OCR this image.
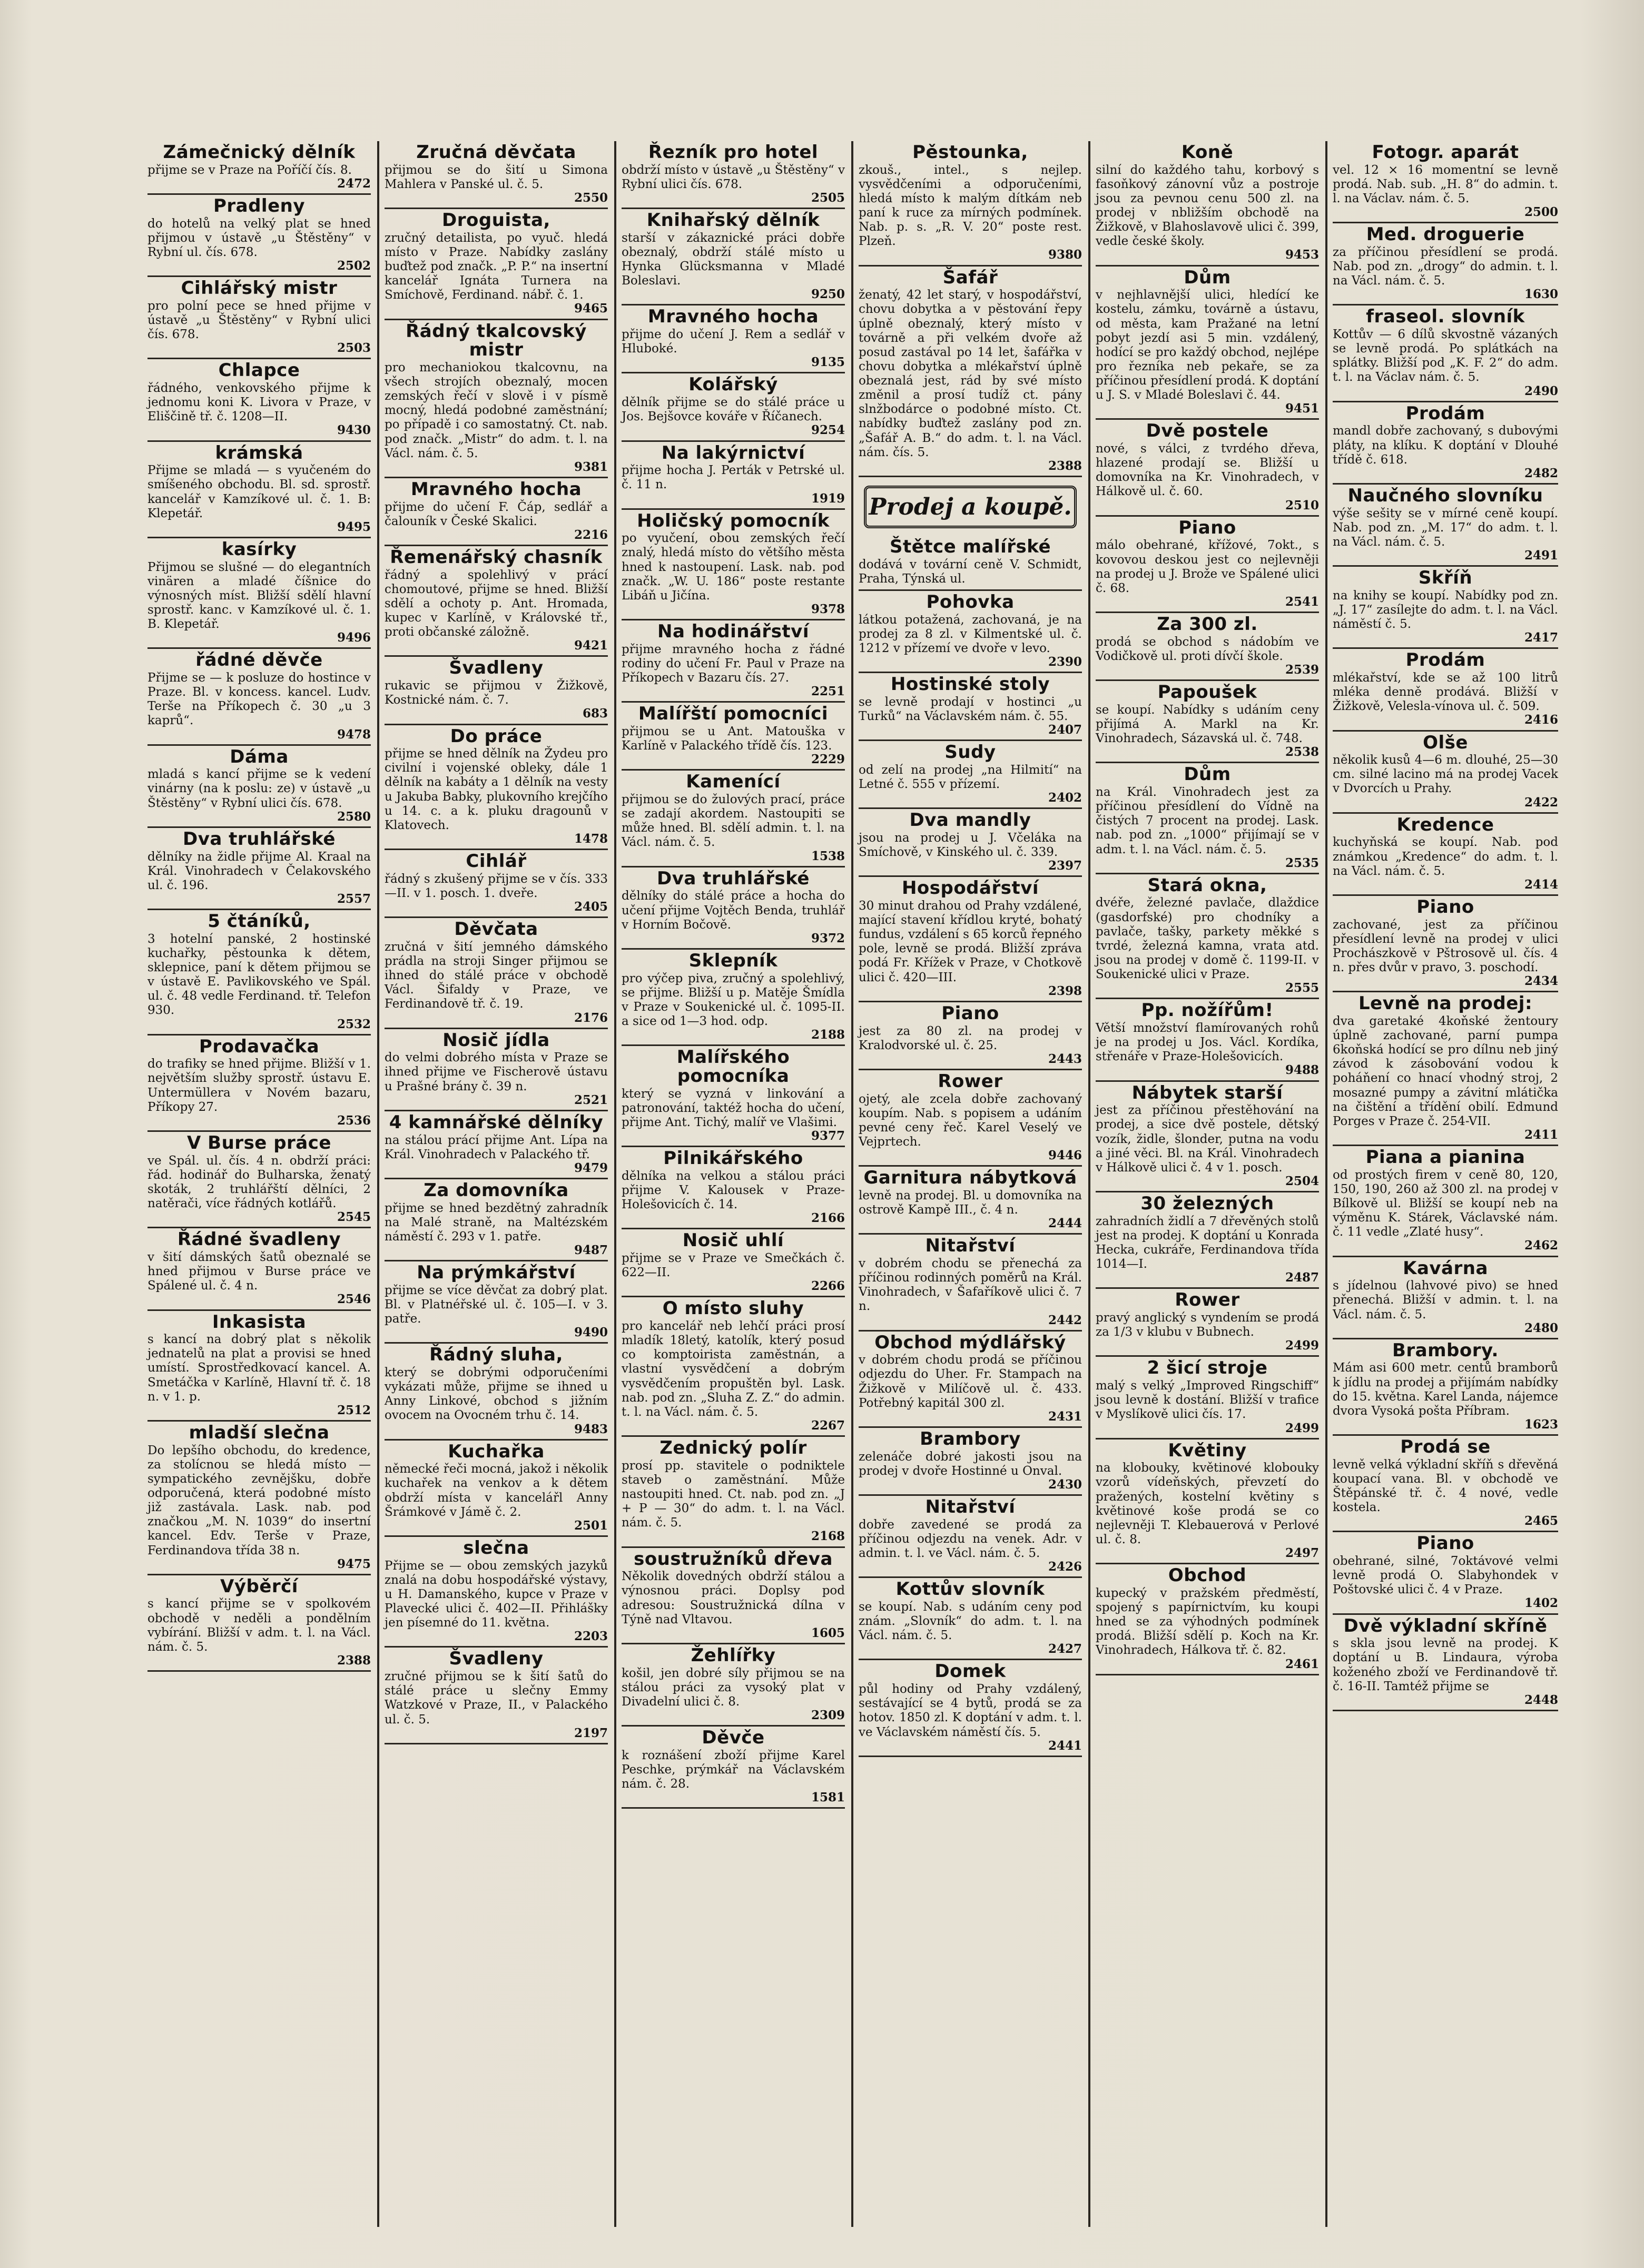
Zámečnický dělník

přijme se v Praze na Poříčí čís. 8.

2472
Pradleny

do hotelů na velký plat se hned přijmou v ústavě „u Štěstěny“ v Rybní ul. čís. 678.

2502
Cihlářský mistr

pro polní pece se hned přijme v ústavě „u Štěstěny“ v Rybní ulici čís. 678.

2503
Chlapce

řádného, venkovského přijme k jednomu koni K. Livora v Praze, v Eliščině tř. č. 1208—II.

9430
krámská

Přijme se mladá — s vyučeném do smíšeného obchodu. Bl. sd. sprostř. kancelář v Kamzíkové ul. č. 1. B: Klepetář.

9495
kasírky

Přijmou se slušné — do elegantních vinären a mladé číšnice do výnosných míst. Bližší sdělí hlavní sprostř. kanc. v Kamzíkové ul. č. 1. B. Klepetář.

9496
řádné děvče

Přijme se — k posluze do hostince v Praze. Bl. v koncess. kancel. Ludv. Terše na Příkopech č. 30 „u 3 kaprů“.

9478
Dáma

mladá s kancí přijme se k vedení vinárny (na k poslu: ze) v ústavě „u Štěstěny“ v Rybní ulici čís. 678.

2580
Dva truhlářské

dělníky na židle přijme Al. Kraal na Král. Vinohradech v Čelakovského ul. č. 196.

2557
5 čtáníků,

3 hotelní panské, 2 hostinské kuchařky, pěstounka k dětem, sklepnice, paní k dětem přijmou se v ústavě E. Pavlikovského ve Spál. ul. č. 48 vedle Ferdinand. tř. Telefon 930.

2532
Prodavačka

do trafiky se hned přijme. Bližší v 1. největším služby sprostř. ústavu E. Untermüllera v Novém bazaru, Příkopy 27.

2536
V Burse práce

ve Spál. ul. čís. 4 n. obdrží práci: řád. hodinář do Bulharska, ženatý skoták, 2 truhlářští dělníci, 2 natěrači, více řádných kotlářů.

2545
Řádné švadleny

v šití dámských šatů obeznalé se hned přijmou v Burse práce ve Spálené ul. č. 4 n.

2546
Inkasista

s kancí na dobrý plat s několik jednatelů na plat a provisi se hned umístí. Sprostředkovací kancel. A. Smetáčka v Karlíně, Hlavní tř. č. 18 n. v 1. p.

2512
mladší slečna

Do lepšího obchodu, do kredence, za stolícnou se hledá místo — sympatického zevnějšku, dobře odporučená, která podobné místo již zastávala. Lask. nab. pod značkou „M. N. 1039“ do insertní kancel. Edv. Terše v Praze, Ferdinandova třída 38 n.

9475
Výběrčí

s kancí přijme se v spolkovém obchodě v neděli a pondělním vybírání. Bližší v adm. t. l. na Václ. nám. č. 5.

2388
Zručná děvčata

přijmou se do šití u Simona Mahlera v Panské ul. č. 5.

2550
Droguista,

zručný detailista, po vyuč. hledá místo v Praze. Nabídky zaslány buďtež pod značk. „P. P.“ na insertní kancelář Ignáta Turnera na Smíchově, Ferdinand. nábř. č. 1.

9465
Řádný tkalcovský mistr

pro mechaniokou tkalcovnu, na všech strojích obeznalý, mocen zemských řečí v slově i v písmě mocný, hledá podobné zaměstnání; po případě i co samostatný. Ct. nab. pod značk. „Mistr“ do adm. t. l. na Václ. nám. č. 5.

9381
Mravného hocha

přijme do učení F. Čáp, sedlář a čalouník v České Skalici.

2216
Řemenářský chasník

řádný a spolehlivý v prácí chomoutové, přijme se hned. Bližší sdělí a ochoty p. Ant. Hromada, kupec v Karlíně, v Královské tř., proti občanské záložně.

9421
Švadleny

rukavic se přijmou v Žižkově, Kostnické nám. č. 7.

683
Do práce

přijme se hned dělník na Žydeu pro civilní i vojenské obleky, dále 1 dělník na kabáty a 1 dělník na vesty u Jakuba Babky, plukovního krejčího u 14. c. a k. pluku dragounů v Klatovech.

1478
Cihlář

řádný s zkušený přijme se v čís. 333—II. v 1. posch. 1. dveře.

2405
Děvčata

zručná v šití jemného dámského prádla na stroji Singer přijmou se ihned do stálé práce v obchodě Václ. Šifaldy v Praze, ve Ferdinandově tř. č. 19.

2176
Nosič jídla

do velmi dobrého místa v Praze se ihned přijme ve Fischerově ústavu u Prašné brány č. 39 n.

2521
4 kamnářské dělníky

na stálou prácí přijme Ant. Lípa na Král. Vinohradech v Palackého tř.

9479
Za domovníka

přijme se hned bezdětný zahradník na Malé straně, na Maltézském náměstí č. 293 v 1. patře.

9487
Na prýmkářství

přijme se více děvčat za dobrý plat. Bl. v Platnéřské ul. č. 105—I. v 3. patře.

9490
Řádný sluha,

který se dobrými odporučeními vykázati může, přijme se ihned u Anny Linkové, obchod s jižním ovocem na Ovocném trhu č. 14.

9483
Kuchařka

německé řeči mocná, jakož i několik kuchařek na venkov a k dětem obdrží místa v kancelářl Anny Šrámkové v Jámě č. 2.

2501
slečna

Přijme se — obou zemských jazyků znalá na dobu hospodářské výstavy, u H. Damanského, kupce v Praze v Plavecké ulici č. 402—II. Přihlášky jen písemné do 11. května.

2203
Švadleny

zručné přijmou se k šití šatů do stálé práce u slečny Emmy Watzkové v Praze, II., v Palackého ul. č. 5.

2197
Řezník pro hotel

obdrží místo v ústavě „u Štěstěny“ v Rybní ulici čís. 678.

2505
Knihařský dělník

starší v zákaznické práci dobře obeznalý, obdrží stálé místo u Hynka Glücksmanna v Mladé Boleslavi.

9250
Mravného hocha

přijme do učení J. Rem a sedlář v Hluboké.

9135
Kolářský

dělník přijme se do stálé práce u Jos. Bejšovce kováře v Říčanech.

9254
Na lakýrnictví

přijme hocha J. Perták v Petrské ul. č. 11 n.

1919
Holičský pomocník

po vyučení, obou zemských řečí znalý, hledá místo do většího města hned k nastoupení. Lask. nab. pod značk. „W. U. 186“ poste restante Libáň u Jičína.

9378
Na hodinářství

přijme mravného hocha z řádné rodiny do učení Fr. Paul v Praze na Příkopech v Bazaru čís. 27.

2251
Malířští pomocníci

přijmou se u Ant. Matouška v Karlíně v Palackého třídě čís. 123.

2229
Kamenící

přijmou se do žulových prací, práce se zadají akordem. Nastoupiti se může hned. Bl. sdělí admin. t. l. na Václ. nám. č. 5.

1538
Dva truhlářské

dělníky do stálé práce a hocha do učení přijme Vojtěch Benda, truhlář v Horním Bočově.

9372
Sklepník

pro výčep piva, zručný a spolehlivý, se přijme. Bližší u p. Matěje Šmídla v Praze v Soukenické ul. č. 1095-II. a sice od 1—3 hod. odp.

2188
Malířského pomocníka

který se vyzná v linkování a patronování, taktéž hocha do učení, přijme Ant. Tichý, malíř ve Vlašimi.

9377
Pilnikářského

dělníka na velkou a stálou práci přijme V. Kalousek v Praze-Holešovicích č. 14.

2166
Nosič uhlí

přijme se v Praze ve Smečkách č. 622—II.

2266
O místo sluhy

pro kancelář neb lehčí práci prosí mladík 18letý, katolík, který posud co komptoirista zaměstnán, a vlastní vysvědčení a dobrým vysvědčením propuštěn byl. Lask. nab. pod zn. „Sluha Z. Z.“ do admin. t. l. na Václ. nám. č. 5.

2267
Zednický polír

prosí pp. stavitele o podniktele staveb o zaměstnání. Může nastoupiti hned. Ct. nab. pod zn. „J + P — 30“ do adm. t. l. na Václ. nám. č. 5.

2168
soustružníků dřeva

Několik dovedných obdrží stálou a výnosnou práci. Doplsy pod adresou: Soustružnická dílna v Týně nad Vltavou.

1605
Žehlířky

košil, jen dobré síly přijmou se na stálou práci za vysoký plat v Divadelní ulici č. 8.

2309
Děvče

k roznášení zboží přijme Karel Peschke, prýmkář na Václavském nám. č. 28.

1581
Pěstounka,

zkouš., intel., s nejlep. vysvědčeními a odporučeními, hledá místo k malým dítkám neb paní k ruce za mírných podmínek. Nab. p. s. „R. V. 20“ poste rest. Plzeň.

9380
Šafář

ženatý, 42 let starý, v hospodářství, chovu dobytka a v pěstování řepy úplně obeznalý, který místo v továrně a při velkém dvoře až posud zastával po 14 let, šafářka v chovu dobytka a mlékařství úplně obeznalá jest, rád by své místo změnil a prosí tudíž ct. pány slnžbodárce o podobné místo. Ct. nabídky buďtež zaslány pod zn. „Šafář A. B.“ do adm. t. l. na Václ. nám. čís. 5.

2388
Prodej a koupě.
Štětce malířské

dodává v tovární ceně V. Schmidt, Praha, Týnská ul.

Pohovka

látkou potažená, zachovaná, je na prodej za 8 zl. v Kilmentské ul. č. 1212 v přízemí ve dvoře v levo.

2390
Hostinské stoly

se levně prodají v hostinci „u Turků“ na Václavském nám. č. 55.

2407
Sudy

od zelí na prodej „na Hilmití“ na Letné č. 555 v přízemí.

2402
Dva mandly

jsou na prodej u J. Včeláka na Smíchově, v Kinského ul. č. 339.

2397
Hospodářství

30 minut drahou od Prahy vzdálené, mající stavení křídlou kryté, bohatý fundus, vzdálení s 65 korců řepného pole, levně se prodá. Bližší zpráva podá Fr. Křížek v Praze, v Chotkově ulici č. 420—III.

2398
Piano

jest za 80 zl. na prodej v Kralodvorské ul. č. 25.

2443
Rower

ojetý, ale zcela dobře zachovaný koupím. Nab. s popisem a udáním pevné ceny řeč. Karel Veselý ve Vejprtech.

9446
Garnitura nábytková

levně na prodej. Bl. u domovníka na ostrově Kampě III., č. 4 n.

2444
Nitařství

v dobrém chodu se přenechá za příčinou rodinných poměrů na Král. Vinohradech, v Šafaříkově ulici č. 7 n.

2442
Obchod mýdlářský

v dobrém chodu prodá se příčinou odjezdu do Uher. Fr. Stampach na Žižkově v Milíčově ul. č. 433. Potřebný kapitál 300 zl.

2431
Brambory

zelenáče dobré jakosti jsou na prodej v dvoře Hostinné u Onval.

2430
Nitařství

dobře zavedené se prodá za příčinou odjezdu na venek. Adr. v admin. t. l. ve Václ. nám. č. 5.

2426
Kottův slovník

se koupí. Nab. s udáním ceny pod znám. „Slovník“ do adm. t. l. na Václ. nám. č. 5.

2427
Domek

půl hodiny od Prahy vzdálený, sestávající se 4 bytů, prodá se za hotov. 1850 zl. K doptání v adm. t. l. ve Václavském náměstí čís. 5.

2441
Koně

silní do každého tahu, korbový s fasoňkový zánovní vůz a postroje jsou za pevnou cenu 500 zl. na prodej v nbližším obchodě na Žižkově, v Blahoslavově ulici č. 399, vedle české školy.

9453
Dům

v nejhlavnější ulici, hledící ke kostelu, zámku, továrně a ústavu, od města, kam Pražané na letní pobyt jezdí asi 5 min. vzdálený, hodící se pro každý obchod, nejlépe pro řezníka neb pekaře, se za příčinou přesídlení prodá. K doptání u J. S. v Mladé Boleslavi č. 44.

9451
Dvě postele

nové, s válci, z tvrdého dřeva, hlazené prodají se. Bližší u domovníka na Kr. Vinohradech, v Hálkově ul. č. 60.

2510
Piano

málo obehrané, křížové, 7okt., s kovovou deskou jest co nejlevněji na prodej u J. Brože ve Spálené ulici č. 68.

2541
Za 300 zl.

prodá se obchod s nádobím ve Vodičkově ul. proti dívčí škole.

2539
Papoušek

se koupí. Nabídky s udáním ceny přijímá A. Markl na Kr. Vinohradech, Sázavská ul. č. 748.

2538
Dům

na Král. Vinohradech jest za příčinou přesídlení do Vídně na čistých 7 procent na prodej. Lask. nab. pod zn. „1000“ přijímají se v adm. t. l. na Václ. nám. č. 5.

2535
Stará okna,

dvéře, železné pavlače, dlaždice (gasdorfské) pro chodníky a pavlače, tašky, parkety měkké s tvrdé, železná kamna, vrata atd. jsou na prodej v domě č. 1199-II. v Soukenické ulici v Praze.

2555
Pp. nožířům!

Větší množství flamírovaných rohů je na prodej u Jos. Václ. Kordíka, střenáře v Praze-Holešovicích.

9488
Nábytek starší

jest za příčinou přestěhování na prodej, a sice dvě postele, dětský vozík, židle, šlonder, putna na vodu a jiné věci. Bl. na Král. Vinohradech v Hálkově ulici č. 4 v 1. posch.

2504
30 železných

zahradních židlí a 7 dřevěných stolů jest na prodej. K doptání u Konrada Hecka, cukráře, Ferdinandova třída 1014—I.

2487
Rower

pravý anglický s vyndením se prodá za 1/3 v klubu v Bubnech.

2499
2 šicí stroje

malý s velký „Improved Ringschiff“ jsou levně k dostání. Bližší v trafice v Myslíkově ulici čís. 17.

2499
Květiny

na klobouky, květinové klobouky vzorů vídeňských, převzetí do pražených, kostelní květiny s květinové koše prodá se co nejlevněji T. Klebauerová v Perlové ul. č. 8.

2497
Obchod

kupecký v pražském předměstí, spojený s papírnictvím, ku koupi hned se za výhodných podmínek prodá. Bližší sdělí p. Koch na Kr. Vinohradech, Hálkova tř. č. 82.

2461
Fotogr. aparát

vel. 12 × 16 momentní se levně prodá. Nab. sub. „H. 8“ do admin. t. l. na Václav. nám. č. 5.

2500
Med. droguerie

za příčinou přesídlení se prodá. Nab. pod zn. „drogy“ do admin. t. l. na Václ. nám. č. 5.

1630
fraseol. slovník

Kottův — 6 dílů skvostně vázaných se levně prodá. Po splátkách na splátky. Bližší pod „K. F. 2“ do adm. t. l. na Václav nám. č. 5.

2490
Prodám

mandl dobře zachovaný, s dubovými pláty, na klíku. K doptání v Dlouhé třídě č. 618.

2482
Naučného slovníku

výše sešity se v mírné ceně koupí. Nab. pod zn. „M. 17“ do adm. t. l. na Václ. nám. č. 5.

2491
Skříň

na knihy se koupí. Nabídky pod zn. „J. 17“ zasílejte do adm. t. l. na Václ. náměstí č. 5.

2417
Prodám

mlékařství, kde se až 100 litrů mléka denně prodává. Bližší v Žižkově, Velesla-vínova ul. č. 509.

2416
Olše

několik kusů 4—6 m. dlouhé, 25—30 cm. silné lacino má na prodej Vacek v Dvorcích u Prahy.

2422
Kredence

kuchyňská se koupí. Nab. pod známkou „Kredence“ do adm. t. l. na Václ. nám. č. 5.

2414
Piano

zachované, jest za příčinou přesídlení levně na prodej v ulici Prochászkově v Pštrosově ul. čís. 4 n. přes dvůr v pravo, 3. poschodí.

2434
Levně na prodej:

dva garetaké 4koňské žentoury úplně zachované, parní pumpa 6koňská hodící se pro dílnu neb jiný závod k zásobování vodou k poháňení co hnací vhodný stroj, 2 mosazné pumpy a závitní mlátička na čištění a třídění obilí. Edmund Porges v Praze č. 254-VII.

2411
Piana a pianina

od prostých firem v ceně 80, 120, 150, 190, 260 až 300 zl. na prodej v Bílkově ul. Bližší se koupí neb na výměnu K. Stárek, Václavské nám. č. 11 vedle „Zlaté husy“.

2462
Kavárna

s jídelnou (lahvové pivo) se hned přenechá. Bližší v admin. t. l. na Václ. nám. č. 5.

2480
Brambory.

Mám asi 600 metr. centů bramborů k jídlu na prodej a přijímám nabídky do 15. května. Karel Landa, nájemce dvora Vysoká pošta Příbram.

1623
Prodá se

levně velká výkladní skříň s dřevěná koupací vana. Bl. v obchodě ve Štěpánské tř. č. 4 nové, vedle kostela.

2465
Piano

obehrané, silné, 7oktávové velmi levně prodá O. Slabyhondek v Poštovské ulici č. 4 v Praze.

1402
Dvě výkladní skříně

s skla jsou levně na prodej. K doptání u B. Lindaura, výroba koženého zboží ve Ferdinandově tř. č. 16-II. Tamtéž přijme se

2448
